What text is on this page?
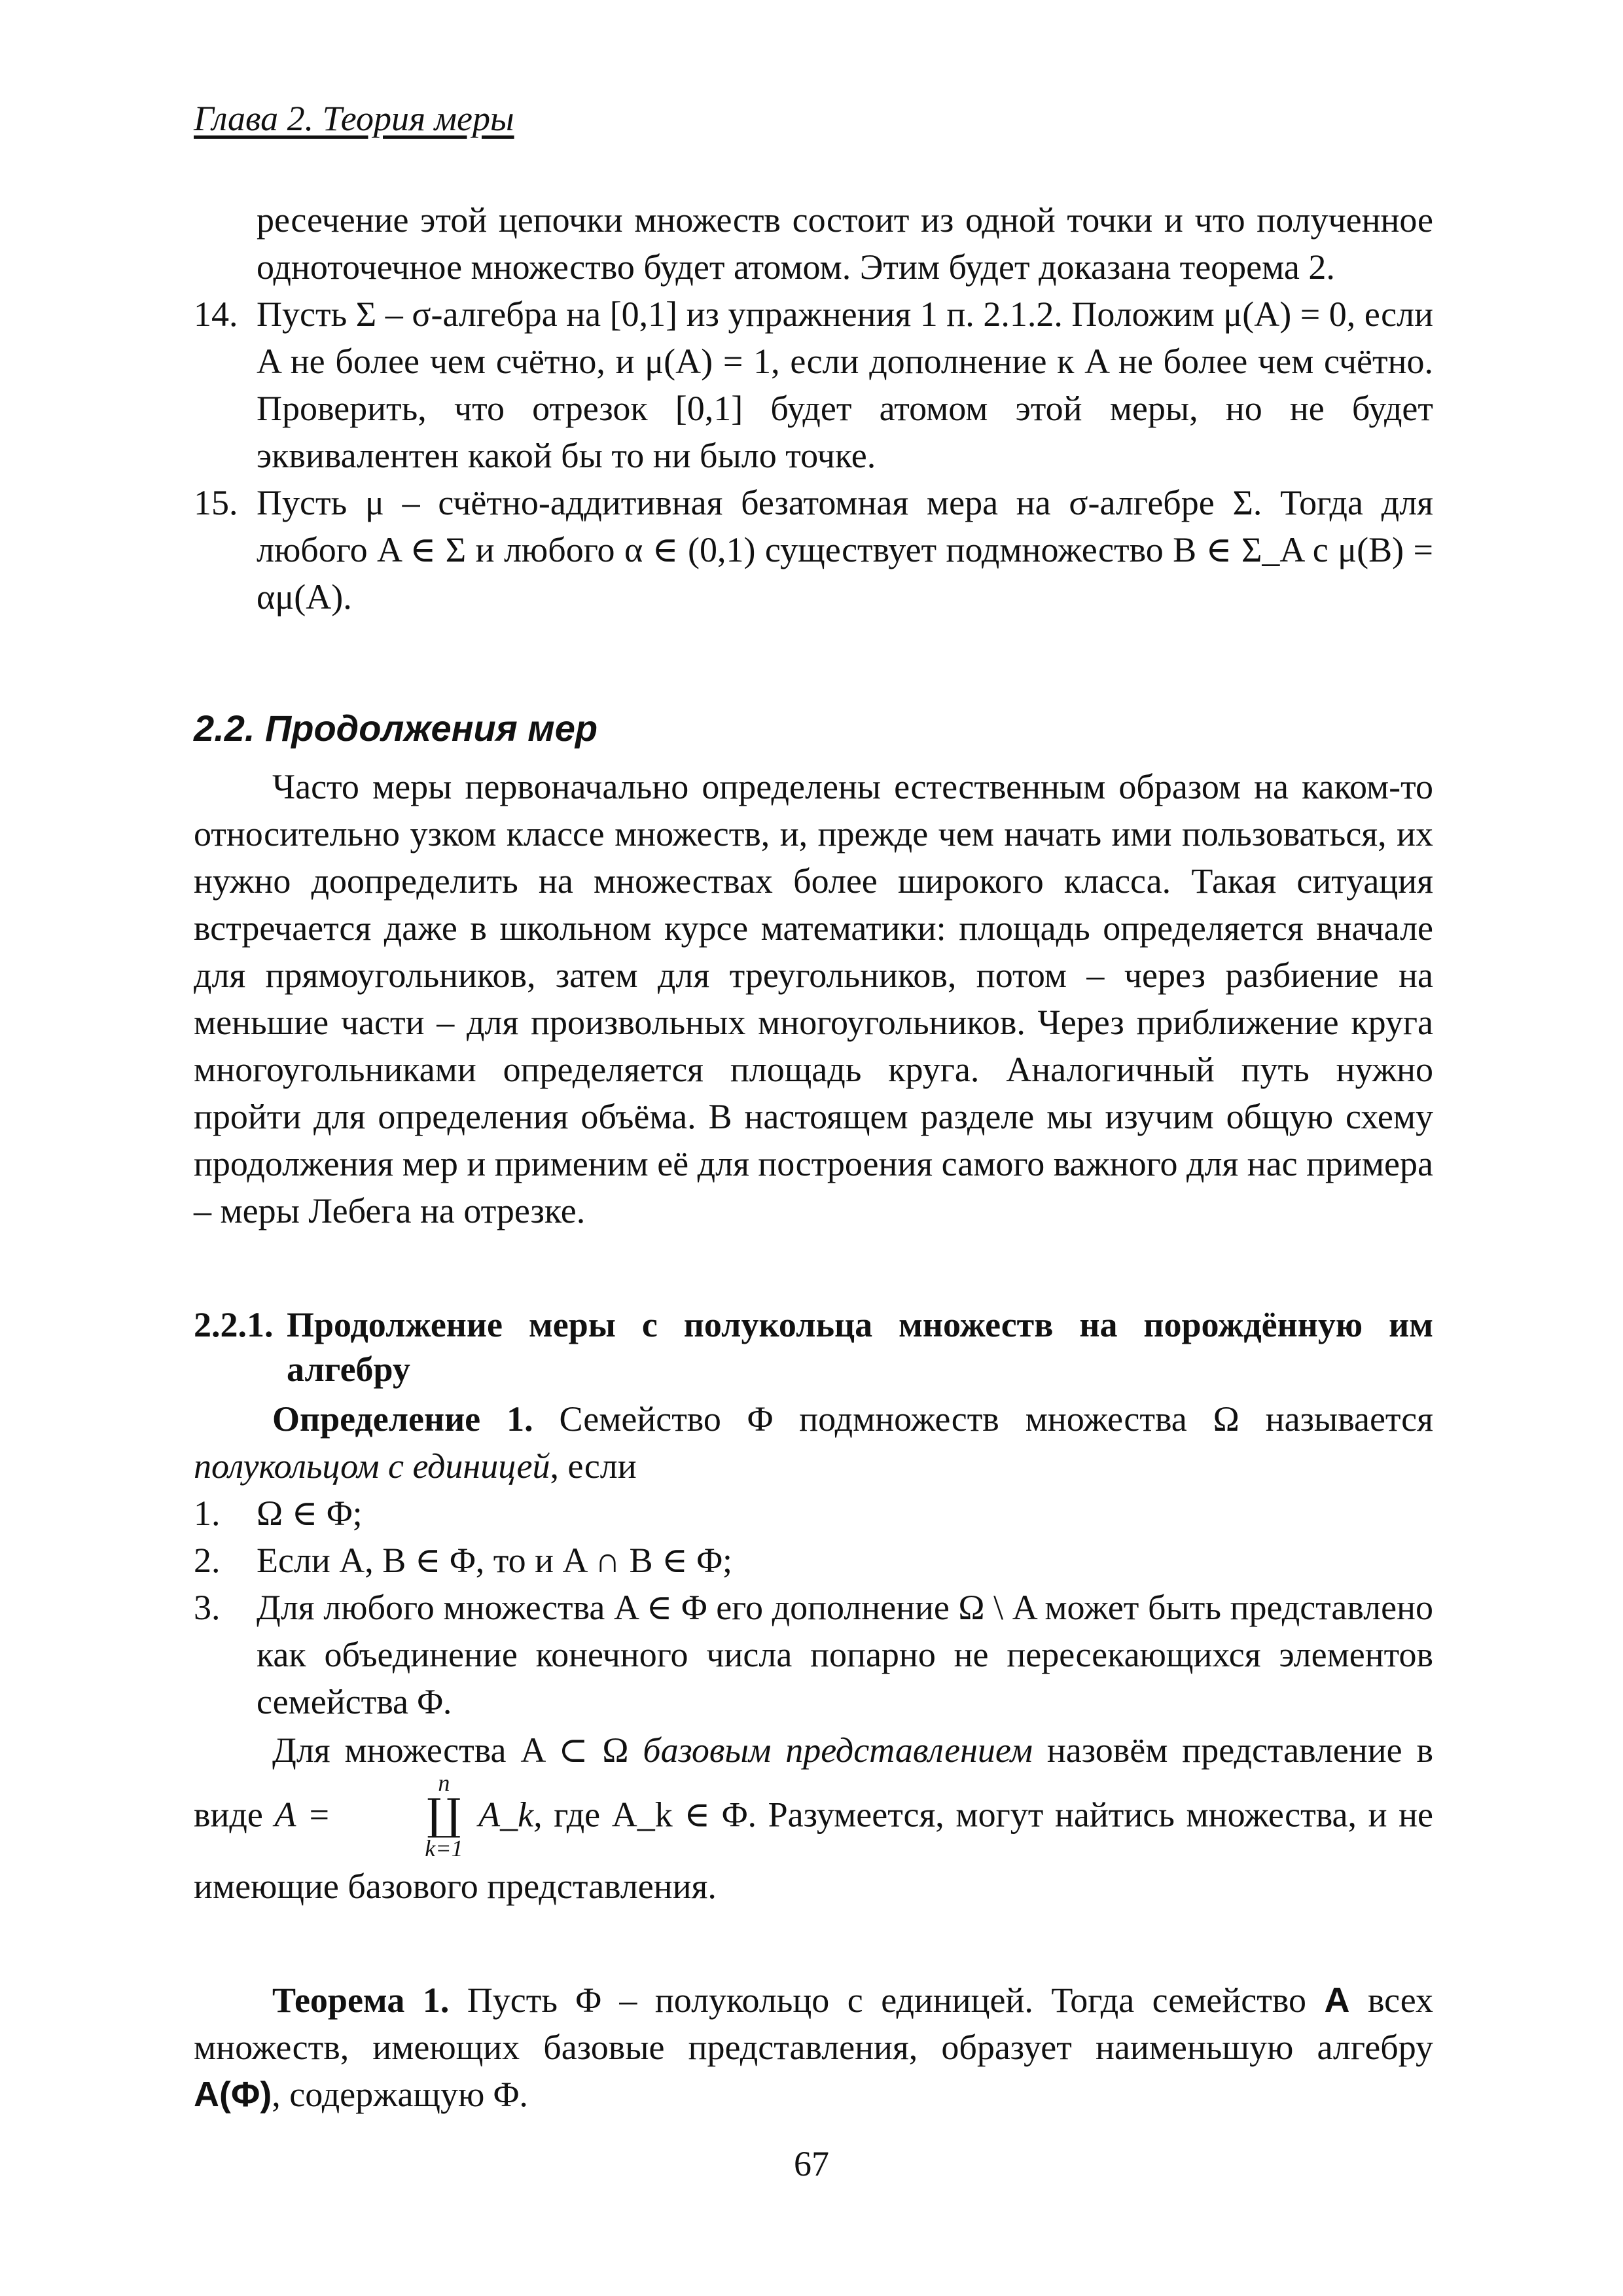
Глава 2. Теория меры

ресечение этой цепочки множеств состоит из одной точки и что полученное одноточечное множество будет атомом. Этим будет доказана теорема 2.

14. Пусть Σ – σ-алгебра на [0,1] из упражнения 1 п. 2.1.2. Положим μ(A) = 0, если A не более чем счётно, и μ(A) = 1, если дополнение к A не более чем счётно. Проверить, что отрезок [0,1] будет атомом этой меры, но не будет эквивалентен какой бы то ни было точке.
15. Пусть μ – счётно-аддитивная безатомная мера на σ-алгебре Σ. Тогда для любого A ∈ Σ и любого α ∈ (0,1) существует подмножество B ∈ Σ_A с μ(B) = αμ(A).
2.2. Продолжения мер

Часто меры первоначально определены естественным образом на каком-то относительно узком классе множеств, и, прежде чем начать ими пользоваться, их нужно доопределить на множествах более широкого класса. Такая ситуация встречается даже в школьном курсе математики: площадь определяется вначале для прямоугольников, затем для треугольников, потом – через разбиение на меньшие части – для произвольных многоугольников. Через приближение круга многоугольниками определяется площадь круга. Аналогичный путь нужно пройти для определения объёма. В настоящем разделе мы изучим общую схему продолжения мер и применим её для построения самого важного для нас примера – меры Лебега на отрезке.

2.2.1. Продолжение меры с полукольца множеств на порождённую им алгебру

Определение 1. Семейство Φ подмножеств множества Ω называется полукольцом с единицей, если

1. Ω ∈ Φ;
2. Если A, B ∈ Φ, то и A ∩ B ∈ Φ;
3. Для любого множества A ∈ Φ его дополнение Ω \ A может быть представлено как объединение конечного числа попарно не пересекающихся элементов семейства Φ.

Для множества A ⊂ Ω базовым представлением назовём представление в виде A =
n
∐
k=1
A_k, где A_k ∈ Φ. Разумеется, могут найтись множества, и не имеющие базового представления.

Теорема 1. Пусть Φ – полукольцо с единицей. Тогда семейство A всех множеств, имеющих базовые представления, образует наименьшую алгебру A(Φ), содержащую Φ.

67
